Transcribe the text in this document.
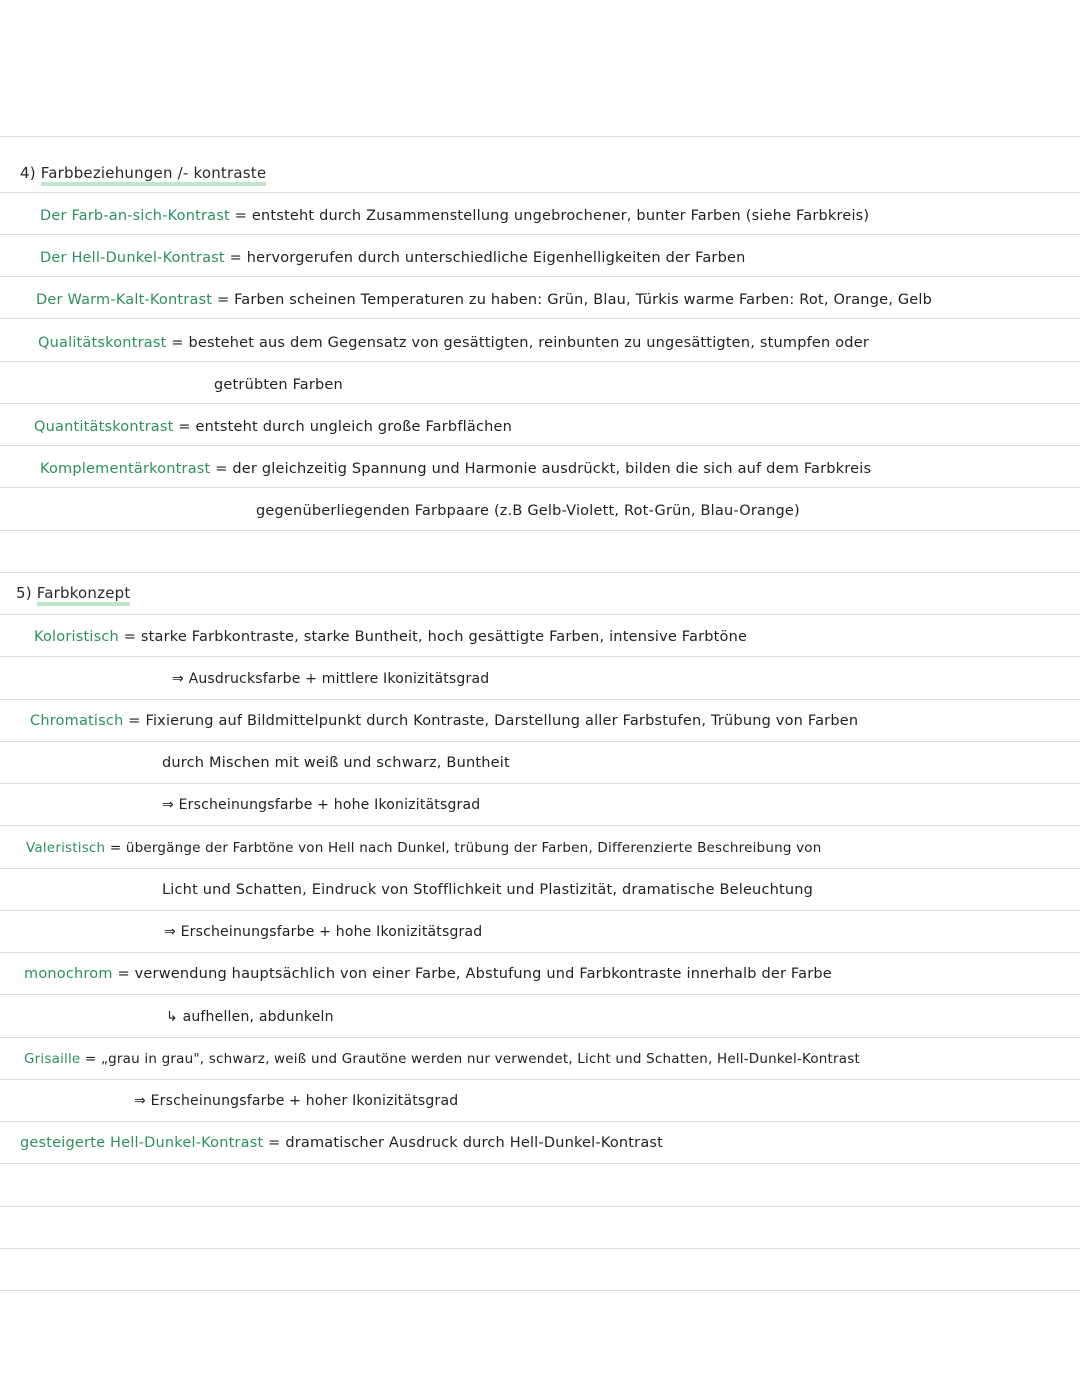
4) Farbbeziehungen /- kontraste
Der Farb-an-sich-Kontrast = entsteht durch Zusammenstellung ungebrochener, bunter Farben (siehe Farbkreis)
Der Hell-Dunkel-Kontrast = hervorgerufen durch unterschiedliche Eigenhelligkeiten der Farben
Der Warm-Kalt-Kontrast = Farben scheinen Temperaturen zu haben: Grün, Blau, Türkis warme Farben: Rot, Orange, Gelb
Qualitätskontrast = bestehet aus dem Gegensatz von gesättigten, reinbunten zu ungesättigten, stumpfen oder
getrübten Farben
Quantitätskontrast = entsteht durch ungleich große Farbflächen
Komplementärkontrast = der gleichzeitig Spannung und Harmonie ausdrückt, bilden die sich auf dem Farbkreis
gegenüberliegenden Farbpaare (z.B Gelb-Violett, Rot-Grün, Blau-Orange)
5) Farbkonzept
Koloristisch = starke Farbkontraste, starke Buntheit, hoch gesättigte Farben, intensive Farbtöne
⇒ Ausdrucksfarbe + mittlere Ikonizitätsgrad
Chromatisch = Fixierung auf Bildmittelpunkt durch Kontraste, Darstellung aller Farbstufen, Trübung von Farben
durch Mischen mit weiß und schwarz, Buntheit
⇒ Erscheinungsfarbe + hohe Ikonizitätsgrad
Valeristisch = übergänge der Farbtöne von Hell nach Dunkel, trübung der Farben, Differenzierte Beschreibung von
Licht und Schatten, Eindruck von Stofflichkeit und Plastizität, dramatische Beleuchtung
⇒ Erscheinungsfarbe + hohe Ikonizitätsgrad
monochrom = verwendung hauptsächlich von einer Farbe, Abstufung und Farbkontraste innerhalb der Farbe
↳ aufhellen, abdunkeln
Grisaille = „grau in grau", schwarz, weiß und Grautöne werden nur verwendet, Licht und Schatten, Hell-Dunkel-Kontrast
⇒ Erscheinungsfarbe + hoher Ikonizitätsgrad
gesteigerte Hell-Dunkel-Kontrast = dramatischer Ausdruck durch Hell-Dunkel-Kontrast
